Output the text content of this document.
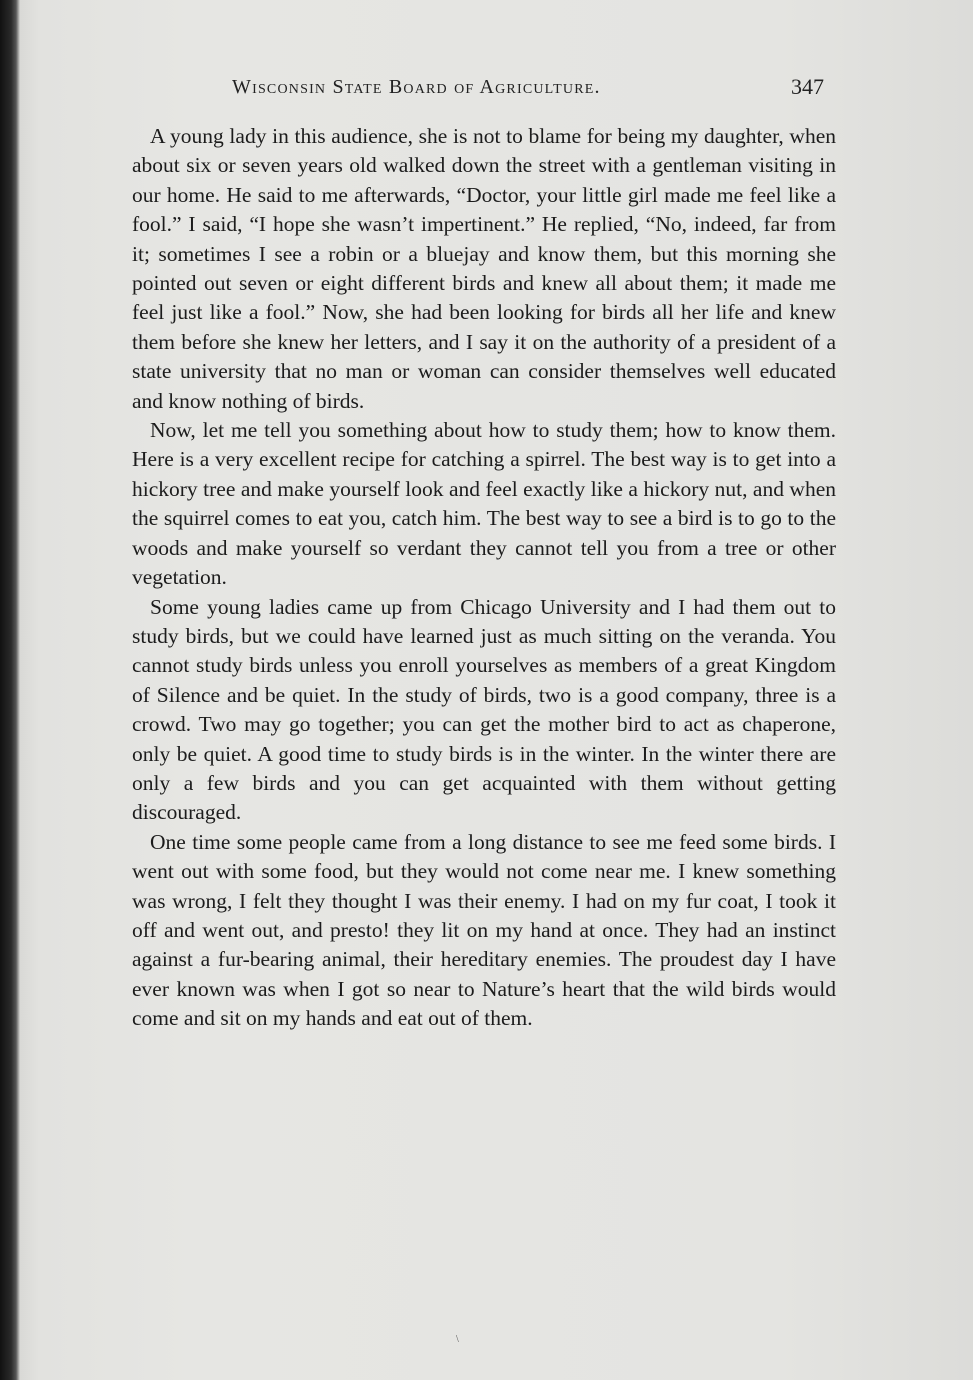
Wisconsin State Board of Agriculture.	347

A young lady in this audience, she is not to blame for being my daughter, when about six or seven years old walked down the street with a gentleman visiting in our home. He said to me afterwards, “Doctor, your little girl made me feel like a fool.” I said, “I hope she wasn’t impertinent.” He replied, “No, indeed, far from it; sometimes I see a robin or a bluejay and know them, but this morning she pointed out seven or eight different birds and knew all about them; it made me feel just like a fool.” Now, she had been looking for birds all her life and knew them before she knew her letters, and I say it on the authority of a president of a state university that no man or woman can consider themselves well educated and know nothing of birds.

Now, let me tell you something about how to study them; how to know them. Here is a very excellent recipe for catching a spirrel. The best way is to get into a hickory tree and make yourself look and feel exactly like a hickory nut, and when the squirrel comes to eat you, catch him. The best way to see a bird is to go to the woods and make yourself so verdant they cannot tell you from a tree or other vegetation.

Some young ladies came up from Chicago University and I had them out to study birds, but we could have learned just as much sitting on the veranda. You cannot study birds unless you enroll yourselves as members of a great Kingdom of Silence and be quiet. In the study of birds, two is a good company, three is a crowd. Two may go together; you can get the mother bird to act as chaperone, only be quiet. A good time to study birds is in the winter. In the winter there are only a few birds and you can get acquainted with them without getting discouraged.

One time some people came from a long distance to see me feed some birds. I went out with some food, but they would not come near me. I knew something was wrong, I felt they thought I was their enemy. I had on my fur coat, I took it off and went out, and presto! they lit on my hand at once. They had an instinct against a fur-bearing animal, their hereditary enemies. The proudest day I have ever known was when I got so near to Nature’s heart that the wild birds would come and sit on my hands and eat out of them.

\
